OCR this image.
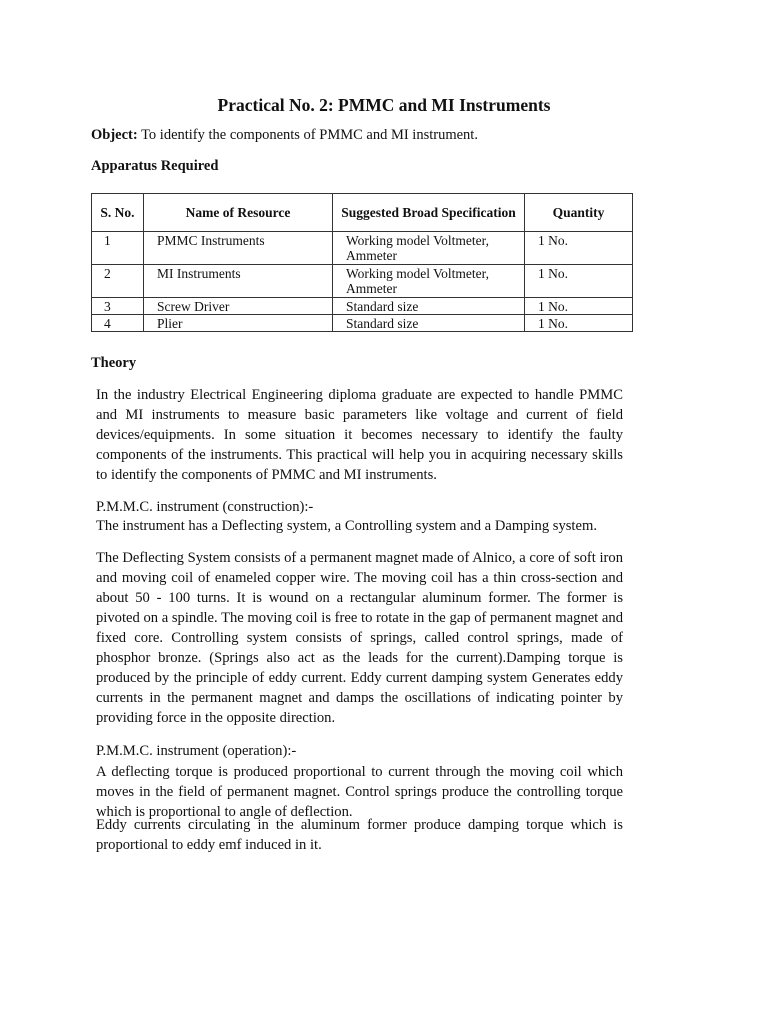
Practical No. 2: PMMC and MI Instruments

Object: To identify the components of PMMC and MI instrument.

Apparatus Required

S. No.	Name of Resource	Suggested Broad Specification	Quantity
1	PMMC Instruments	Working model Voltmeter, Ammeter	1 No.
2	MI Instruments	Working model Voltmeter, Ammeter	1 No.
3	Screw Driver	Standard size	1 No.
4	Plier	Standard size	1 No.

Theory

In the industry Electrical Engineering diploma graduate are expected to handle PMMC and MI instruments to measure basic parameters like voltage and current of field devices/equipments. In some situation it becomes necessary to identify the faulty components of the instruments. This practical will help you in acquiring necessary skills to identify the components of PMMC and MI instruments.

P.M.M.C. instrument (construction):-

The instrument has a Deflecting system, a Controlling system and a Damping system.

The Deflecting System consists of a permanent magnet made of Alnico, a core of soft iron and moving coil of enameled copper wire. The moving coil has a thin cross-section and about 50 - 100 turns. It is wound on a rectangular aluminum former. The former is pivoted on a spindle. The moving coil is free to rotate in the gap of permanent magnet and fixed core. Controlling system consists of springs, called control springs, made of phosphor bronze. (Springs also act as the leads for the current).Damping torque is produced by the principle of eddy current. Eddy current damping system Generates eddy currents in the permanent magnet and damps the oscillations of indicating pointer by providing force in the opposite direction.

P.M.M.C. instrument (operation):-

A deflecting torque is produced proportional to current through the moving coil which moves in the field of permanent magnet. Control springs produce the controlling torque which is proportional to angle of deflection.

Eddy currents circulating in the aluminum former produce damping torque which is proportional to eddy emf induced in it.
